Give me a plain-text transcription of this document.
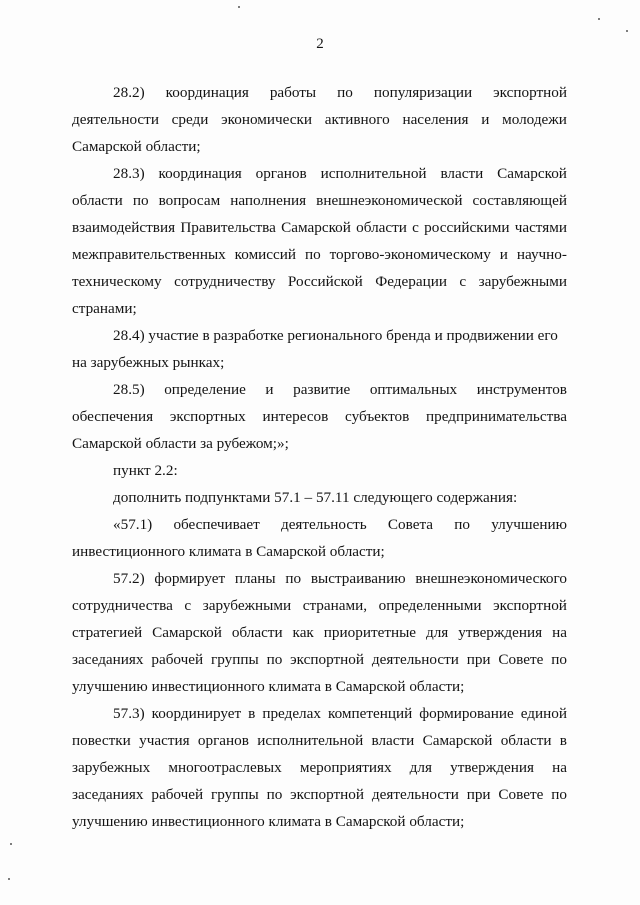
2
28.2) координация работы по популяризации экспортной
деятельности среди экономически активного населения и молодежи
Самарской области;
28.3) координация органов исполнительной власти Самарской
области по вопросам наполнения внешнеэкономической составляющей
взаимодействия Правительства Самарской области с российскими частями
межправительственных комиссий по торгово-экономическому и научно-
техническому сотрудничеству Российской Федерации с зарубежными
странами;
28.4) участие в разработке регионального бренда и продвижении его
на зарубежных рынках;
28.5) определение и развитие оптимальных инструментов
обеспечения экспортных интересов субъектов предпринимательства
Самарской области за рубежом;»;
пункт 2.2:
дополнить подпунктами 57.1 – 57.11 следующего содержания:
«57.1) обеспечивает деятельность Совета по улучшению
инвестиционного климата в Самарской области;
57.2) формирует планы по выстраиванию внешнеэкономического
сотрудничества с зарубежными странами, определенными экспортной
стратегией Самарской области как приоритетные для утверждения на
заседаниях рабочей группы по экспортной деятельности при Совете по
улучшению инвестиционного климата в Самарской области;
57.3) координирует в пределах компетенций формирование единой
повестки участия органов исполнительной власти Самарской области в
зарубежных многоотраслевых мероприятиях для утверждения на
заседаниях рабочей группы по экспортной деятельности при Совете по
улучшению инвестиционного климата в Самарской области;
